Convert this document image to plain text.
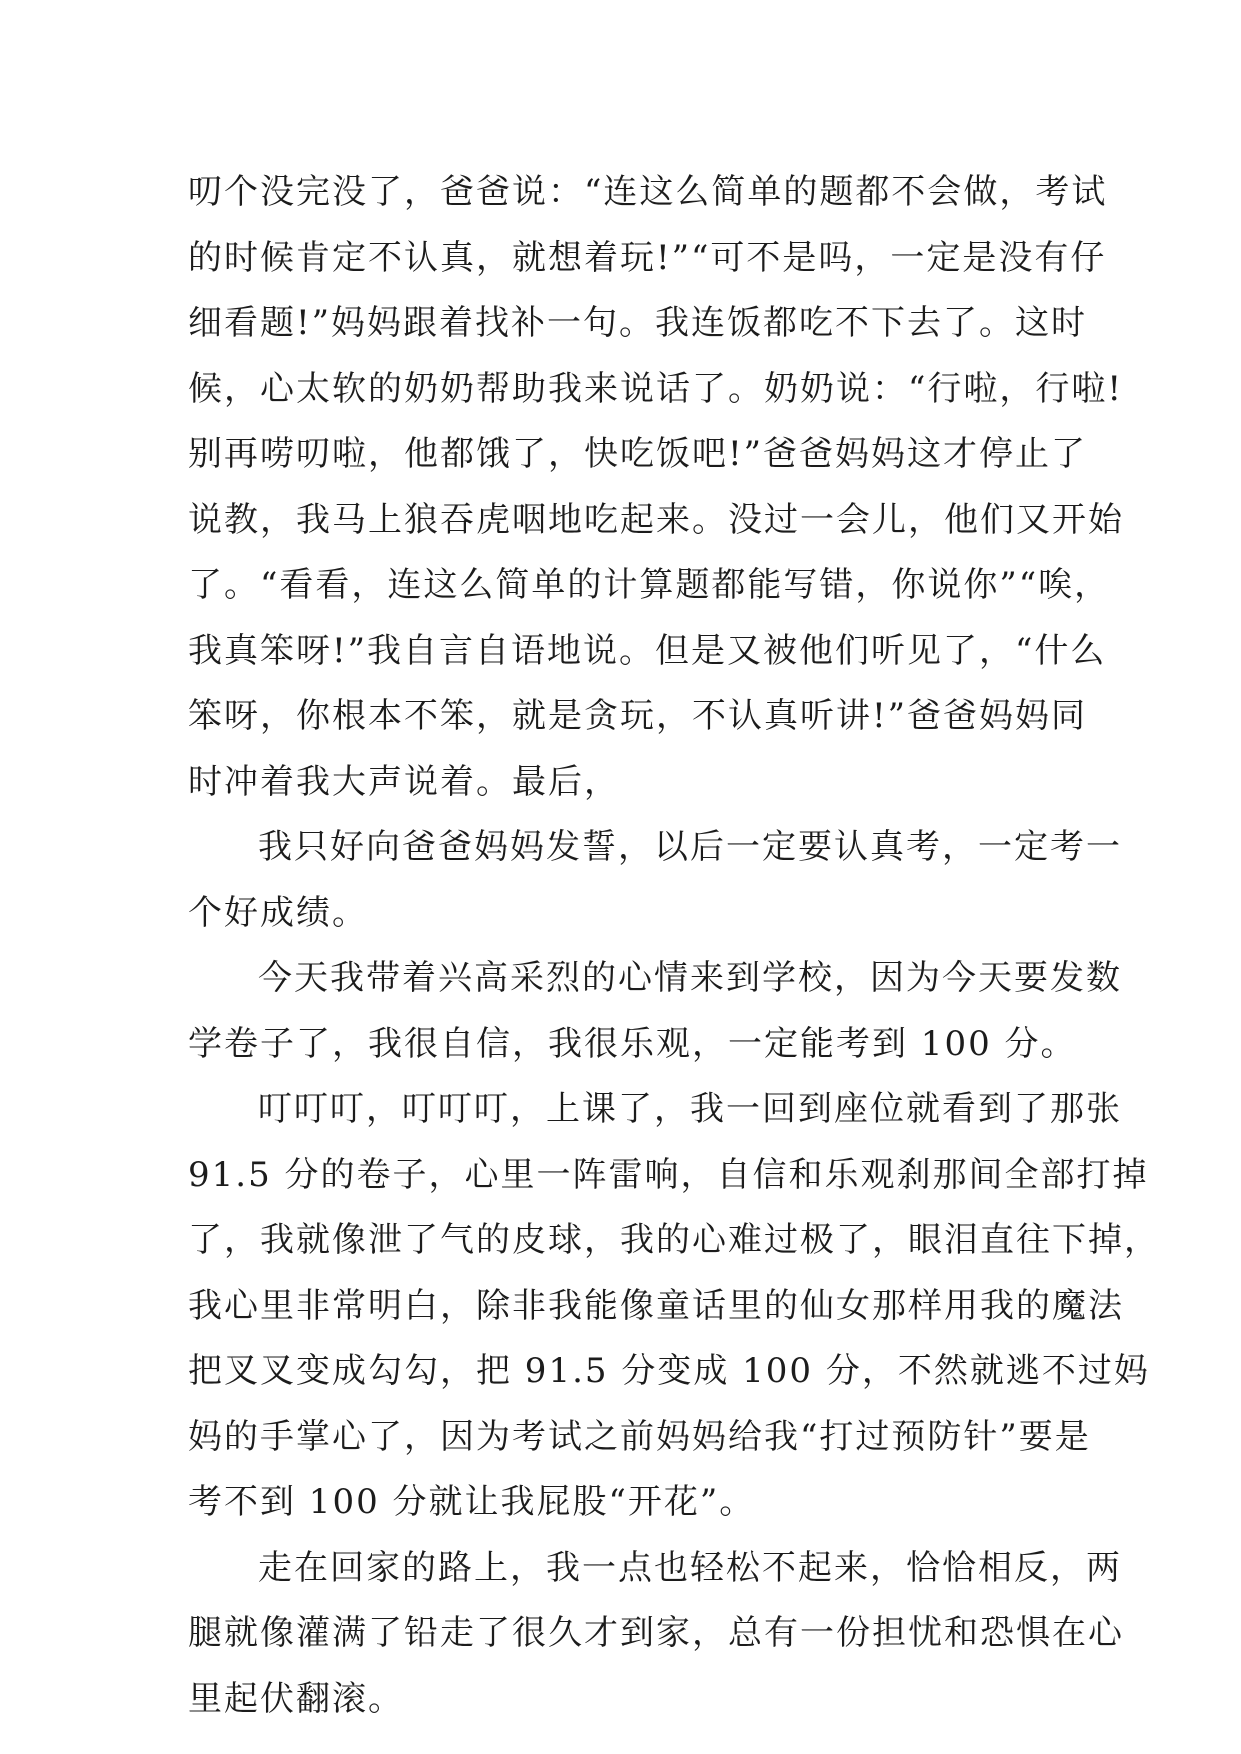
叨个没完没了，爸爸说：“连这么简单的题都不会做，考试
的时候肯定不认真，就想着玩!”“可不是吗，一定是没有仔
细看题!”妈妈跟着找补一句。我连饭都吃不下去了。这时
候，心太软的奶奶帮助我来说话了。奶奶说：“行啦，行啦!
别再唠叨啦，他都饿了，快吃饭吧!”爸爸妈妈这才停止了
说教，我马上狼吞虎咽地吃起来。没过一会儿，他们又开始
了。“看看，连这么简单的计算题都能写错，你说你”“唉，
我真笨呀!”我自言自语地说。但是又被他们听见了，“什么
笨呀，你根本不笨，就是贪玩，不认真听讲!”爸爸妈妈同
时冲着我大声说着。最后，
我只好向爸爸妈妈发誓，以后一定要认真考，一定考一
个好成绩。
今天我带着兴高采烈的心情来到学校，因为今天要发数
学卷子了，我很自信，我很乐观，一定能考到 100 分。
叮叮叮，叮叮叮，上课了，我一回到座位就看到了那张
91.5 分的卷子，心里一阵雷响，自信和乐观刹那间全部打掉
了，我就像泄了气的皮球，我的心难过极了，眼泪直往下掉，
我心里非常明白，除非我能像童话里的仙女那样用我的魔法
把叉叉变成勾勾，把 91.5 分变成 100 分，不然就逃不过妈
妈的手掌心了，因为考试之前妈妈给我“打过预防针”要是
考不到 100 分就让我屁股“开花”。
走在回家的路上，我一点也轻松不起来，恰恰相反，两
腿就像灌满了铅走了很久才到家，总有一份担忧和恐惧在心
里起伏翻滚。
